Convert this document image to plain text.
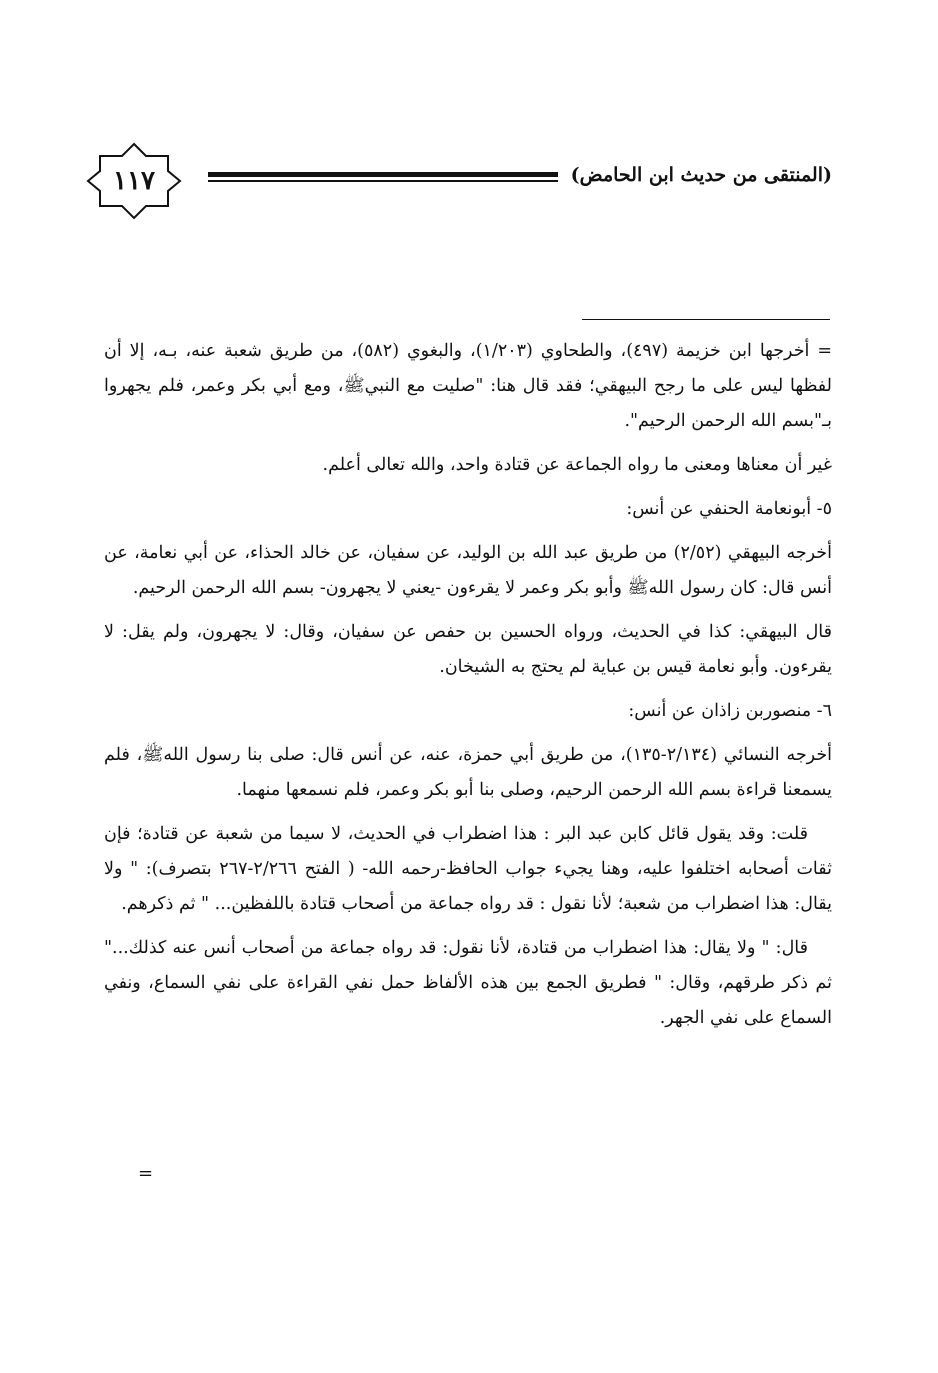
١١٧	(المنتقى من حديث ابن الحامض)

= أخرجها ابن خزيمة (٤٩٧)، والطحاوي (١/٢٠٣)، والبغوي (٥٨٢)، من طريق شعبة عنه، بـه، إلا أن لفظها ليس على ما رجح البيهقي؛ فقد قال هنا: "صليت مع النبيﷺ، ومع أبي بكر وعمر، فلم يجهروا بـ"بسم الله الرحمن الرحيم".

غير أن معناها ومعنى ما رواه الجماعة عن قتادة واحد، والله تعالى أعلم.

٥- أبونعامة الحنفي عن أنس:

أخرجه البيهقي (٢/٥٢) من طريق عبد الله بن الوليد، عن سفيان، عن خالد الحذاء، عن أبي نعامة، عن أنس قال: كان رسول اللهﷺ وأبو بكر وعمر لا يقرءون -يعني لا يجهرون- بسم الله الرحمن الرحيم.

قال البيهقي: كذا في الحديث، ورواه الحسين بن حفص عن سفيان، وقال: لا يجهرون، ولم يقل: لا يقرءون. وأبو نعامة قيس بن عباية لم يحتج به الشيخان.

٦- منصوربن زاذان عن أنس:

أخرجه النسائي (٢/١٣٤-١٣٥)، من طريق أبي حمزة، عنه، عن أنس قال: صلى بنا رسول اللهﷺ، فلم يسمعنا قراءة بسم الله الرحمن الرحيم، وصلى بنا أبو بكر وعمر، فلم نسمعها منهما.

قلت: وقد يقول قائل كابن عبد البر : هذا اضطراب في الحديث، لا سيما من شعبة عن قتادة؛ فإن ثقات أصحابه اختلفوا عليه، وهنا يجيء جواب الحافظ-رحمه الله- ( الفتح ٢/٢٦٦-٢٦٧ بتصرف): " ولا يقال: هذا اضطراب من شعبة؛ لأنا نقول : قد رواه جماعة من أصحاب قتادة باللفظين... " ثم ذكرهم.

قال: " ولا يقال: هذا اضطراب من قتادة، لأنا نقول: قد رواه جماعة من أصحاب أنس عنه كذلك..." ثم ذكر طرقهم، وقال: " فطريق الجمع بين هذه الألفاظ حمل نفي القراءة على نفي السماع، ونفي السماع على نفي الجهر.

=
